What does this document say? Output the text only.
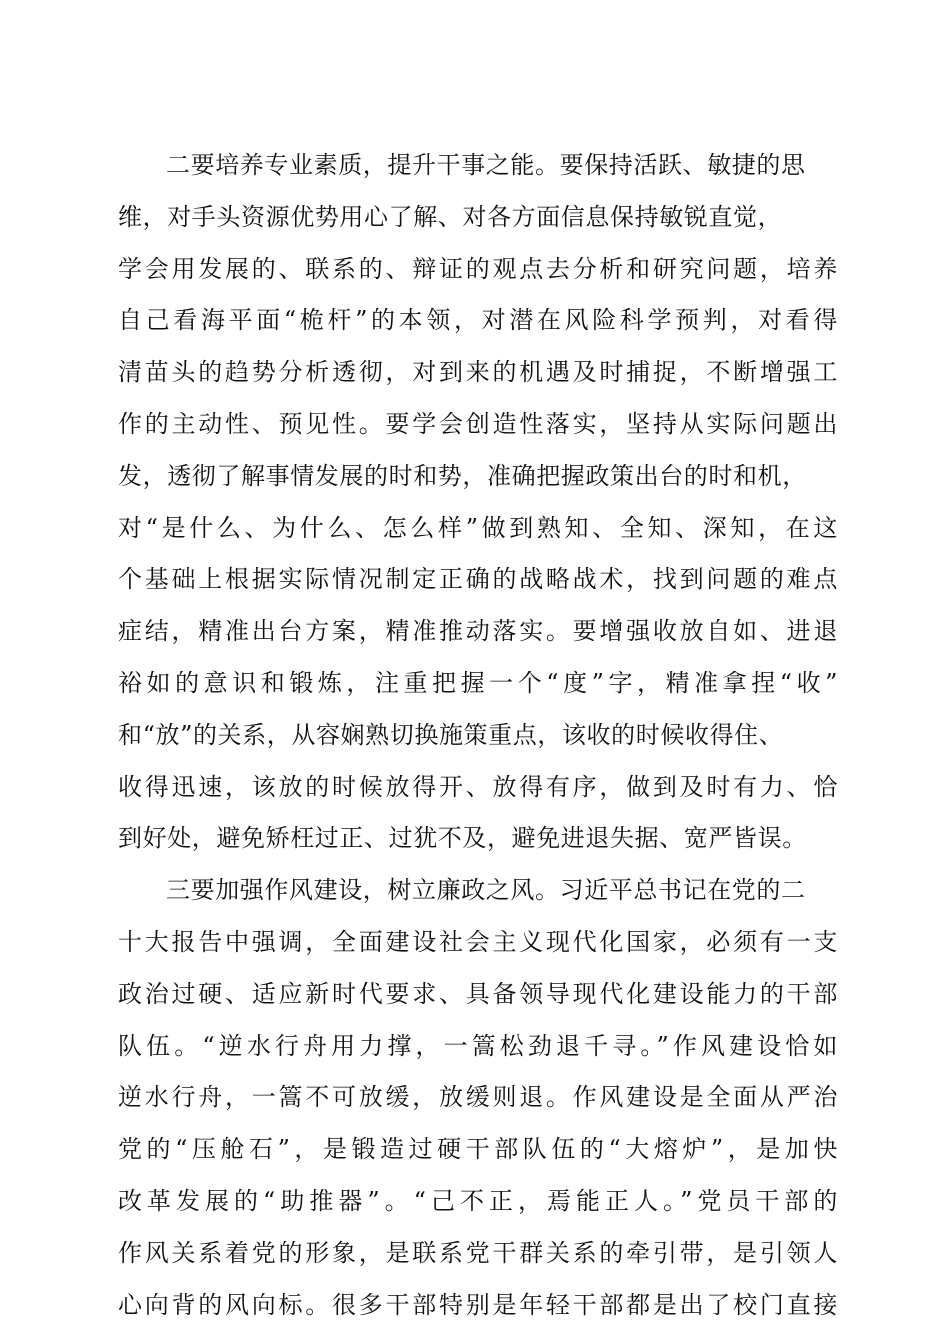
二要培养专业素质，提升干事之能。要保持活跃、敏捷的思
维，对手头资源优势用心了解、对各方面信息保持敏锐直觉，
学会用发展的、联系的、辩证的观点去分析和研究问题，培养
自己看海平面“桅杆”的本领，对潜在风险科学预判，对看得
清苗头的趋势分析透彻，对到来的机遇及时捕捉，不断增强工
作的主动性、预见性。要学会创造性落实，坚持从实际问题出
发，透彻了解事情发展的时和势，准确把握政策出台的时和机，
对“是什么、为什么、怎么样”做到熟知、全知、深知，在这
个基础上根据实际情况制定正确的战略战术，找到问题的难点
症结，精准出台方案，精准推动落实。要增强收放自如、进退
裕如的意识和锻炼，注重把握一个“度”字，精准拿捏“收”
和“放”的关系，从容娴熟切换施策重点，该收的时候收得住、
收得迅速，该放的时候放得开、放得有序，做到及时有力、恰
到好处，避免矫枉过正、过犹不及，避免进退失据、宽严皆误。
三要加强作风建设，树立廉政之风。习近平总书记在党的二
十大报告中强调，全面建设社会主义现代化国家，必须有一支
政治过硬、适应新时代要求、具备领导现代化建设能力的干部
队伍。“逆水行舟用力撑，一篙松劲退千寻。”作风建设恰如
逆水行舟，一篙不可放缓，放缓则退。作风建设是全面从严治
党的“压舱石”，是锻造过硬干部队伍的“大熔炉”，是加快
改革发展的“助推器”。“己不正，焉能正人。”党员干部的
作风关系着党的形象，是联系党干群关系的牵引带，是引领人
心向背的风向标。很多干部特别是年轻干部都是出了校门直接
